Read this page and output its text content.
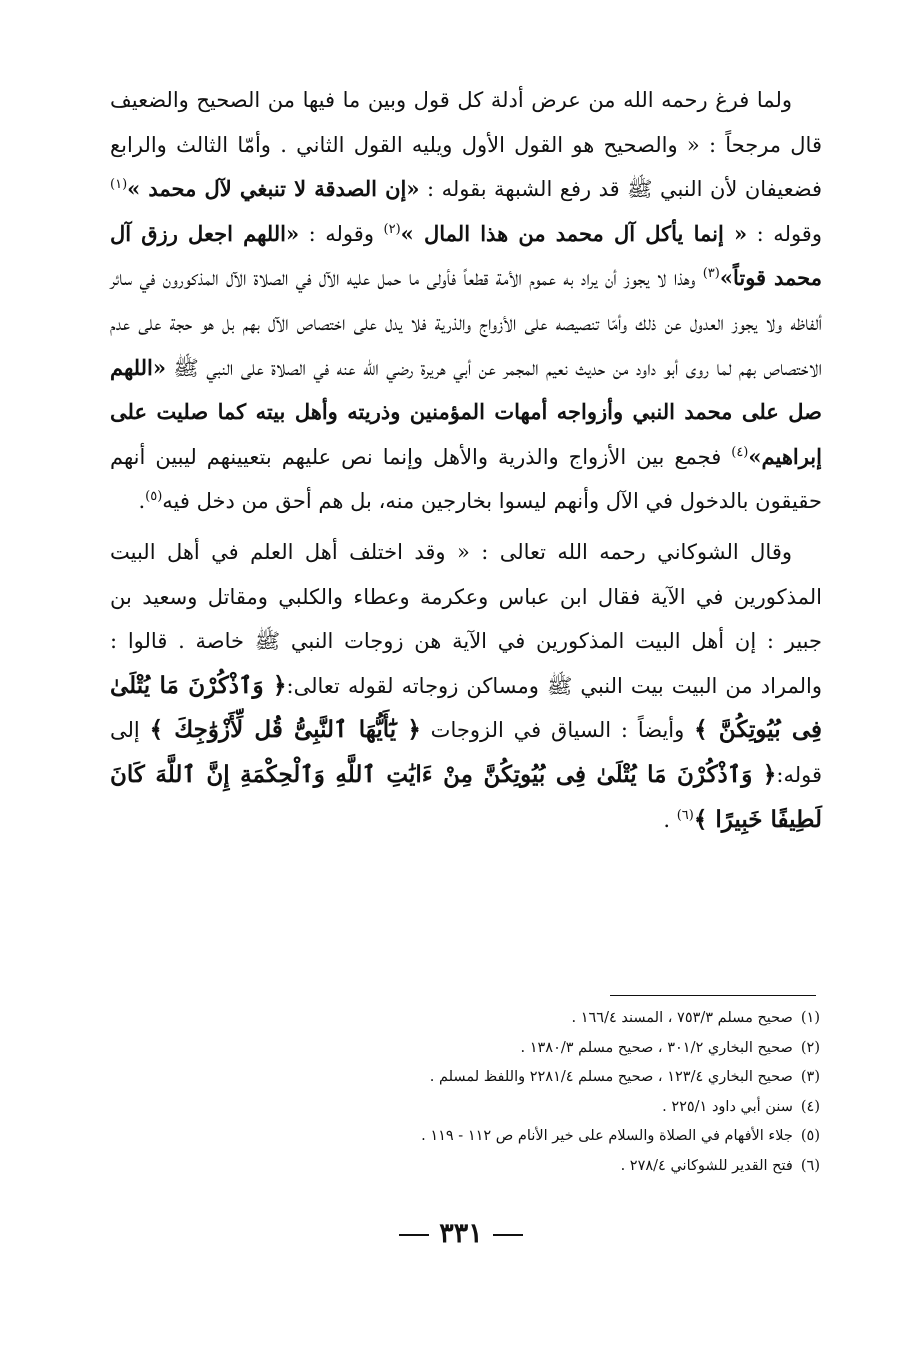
ولما فرغ رحمه الله من عرض أدلة كل قول وبين ما فيها من الصحيح والضعيف قال مرجحاً : « والصحيح هو القول الأول ويليه القول الثاني . وأمّا الثالث والرابع فضعيفان لأن النبي ﷺ قد رفع الشبهة بقوله : «إن الصدقة لا تنبغي لآل محمد »$^{(١)}$ وقوله : « إنما يأكل آل محمد من هذا المال »$^{(٢)}$ وقوله : «اللهم اجعل رزق آل محمد قوتاً»$^{(٣)}$ وهذا لا يجوز أن يراد به عموم الأمة قطعاً فأولى ما حمل عليه الآل في الصلاة الآل المذكورون في سائر ألفاظه ولا يجوز العدول عن ذلك وأمّا تنصيصه على الأزواج والذرية فلا يدل على اختصاص الآل بهم بل هو حجة على عدم الاختصاص بهم لما روى أبو داود من حديث نعيم المجمر عن أبي هريرة رضي الله عنه في الصلاة على النبي ﷺ «اللهم صل على محمد النبي وأزواجه أمهات المؤمنين وذريته وأهل بيته كما صليت على إبراهيم»$^{(٤)}$ فجمع بين الأزواج والذرية والأهل وإنما نص عليهم بتعيينهم ليبين أنهم حقيقون بالدخول في الآل وأنهم ليسوا بخارجين منه، بل هم أحق من دخل فيه$^{(٥)}$.

وقال الشوكاني رحمه الله تعالى : « وقد اختلف أهل العلم في أهل البيت المذكورين في الآية فقال ابن عباس وعكرمة وعطاء والكلبي ومقاتل وسعيد بن جبير : إن أهل البيت المذكورين في الآية هن زوجات النبي ﷺ خاصة . قالوا : والمراد من البيت بيت النبي ﷺ ومساكن زوجاته لقوله تعالى:﴿ وَٱذْكُرْنَ مَا يُتْلَىٰ فِى بُيُوتِكُنَّ ﴾ وأيضاً : السياق في الزوجات ﴿ يَٰٓأَيُّهَا ٱلنَّبِىُّ قُل لِّأَزْوَٰجِكَ ﴾ إلى قوله:﴿ وَٱذْكُرْنَ مَا يُتْلَىٰ فِى بُيُوتِكُنَّ مِنْ ءَايَٰتِ ٱللَّهِ وَٱلْحِكْمَةِ إِنَّ ٱللَّهَ كَانَ لَطِيفًا خَبِيرًا ﴾$^{(٦)}$ .

(١)صحيح مسلم ٧٥٣/٣ ، المسند ١٦٦/٤ .
(٢)صحيح البخاري ٣٠١/٢ ، صحيح مسلم ١٣٨٠/٣ .
(٣)صحيح البخاري ١٢٣/٤ ، صحيح مسلم ٢٢٨١/٤ واللفظ لمسلم .
(٤)سنن أبي داود ٢٢٥/١ .
(٥)جلاء الأفهام في الصلاة والسلام على خير الأنام ص ١١٢ - ١١٩ .
(٦)فتح القدير للشوكاني ٢٧٨/٤ .
٣٣١
